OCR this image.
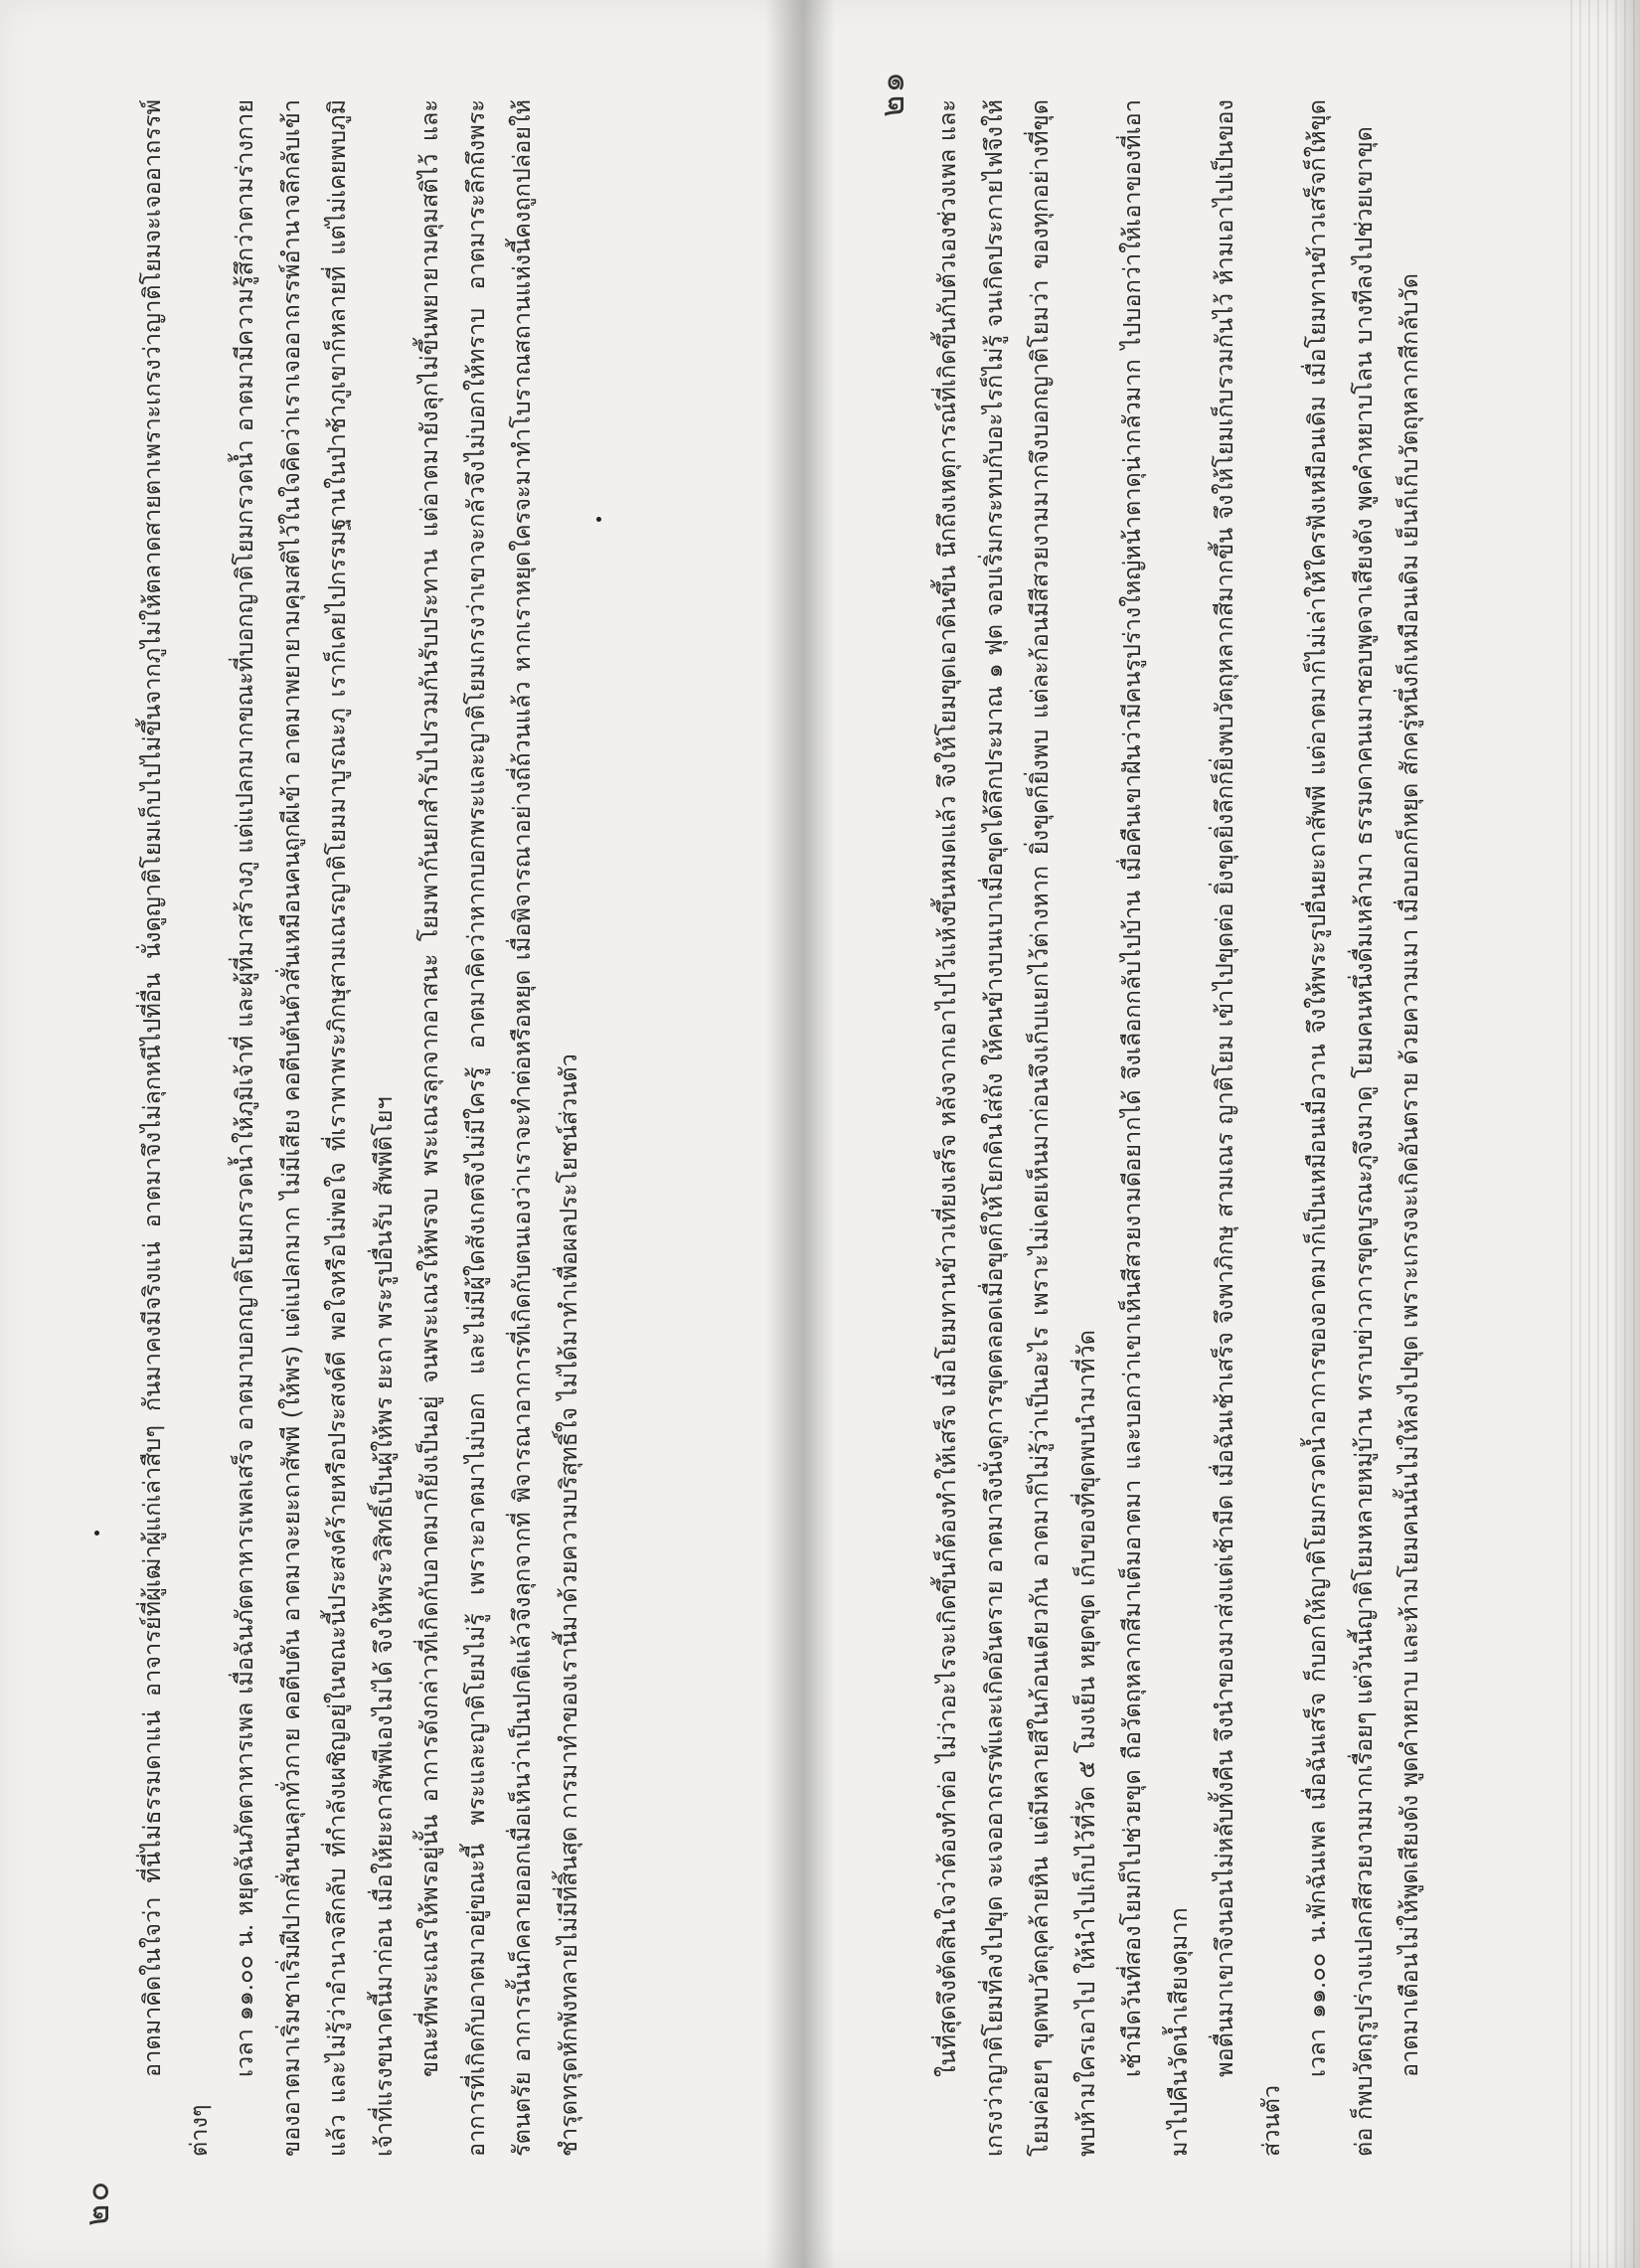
๒๐

อาตมาคิดในใจว่า ที่นี่ไม่ธรรมดาแน่ อาจารย์ที่ผู้เฒ่าผู้แก่เล่าสืบๆ กันมาคงมีจริงแน่ อาตมาจึงไม่ลุกหนีไปที่อื่น นั่งดูญาติโยมเก็บไปไม่ขึ้นจากภูไม่ให้ตลาดสายตาเพราะเกรงว่าญาติโยมจะเจออาถรรพ์ต่างๆ

เวลา ๑๑.๐๐ น. หยุดฉันภัตตาหารเพล เมื่อฉันภัตตาหารเพลเสร็จ อาตมาบอกญาติโยมกรวดน้ำให้ภูมิเจ้าที่ และผู้ที่มาสร้างภู แต่แปลกมากขณะที่บอกญาติโยมกรวดน้ำ อาตมามีความรู้สึกว่าตามร่างกายของอาตมาเริ่มชาเริ่มฝีปากสั่นขนลุกทั่วกาย คอตีบตัน อาตมาจะยะถาสัพพี (ให้พร) แต่แปลกมาก ไม่มีเสียง คอตีบตันตัวสั่นเหมือนคนถูกผีเข้า อาตมาพยายามคุมสติไว้ในใจคิดว่าเราเจออาถรรพ์อำนาจลึกลับเข้าแล้ว และไม่รู้ว่าอำนาจลึกลับ ที่กำลังเผชิญอยู่ในขณะนี้ประสงค์ร้ายหรือประสงค์ดี พอใจหรือไม่พอใจ ที่เราพาพระภิกษุสามเณรญาติโยมมาบูรณะภู เราก็เคยไปกรรมฐานในป่าช้าภูเขาก็หลายที่ แต่ไม่เคยพบภูมิเจ้าที่แรงขนาดนี้มาก่อน เมื่อให้ยะถาสัพพีเองไม่ได้ จึงให้พระวิสิทธิ์เป็นผู้ให้พร ยะถา พระรูปอื่นรับ สัพพีติโยฯ ขณะที่พระเณรให้พรอยู่นั้น อาการดังกล่าวที่เกิดกับอาตมาก็ยังเป็นอยู่ จนพระเณรให้พรจบ พระเณรลุกจากอาสนะ โยมพากันยกสำรับไปรวมกันรับประทาน แต่อาตมายังลุกไม่ขึ้นพยายามคุมสติไว้ และอาการที่เกิดกับอาตมาอยู่ขณะนี้ พระและญาติโยมไม่รู้ เพราะอาตมาไม่บอก และไม่มีผู้ใดสังเกตจึงไม่มีใครรู้ อาตมาคิดว่าหากบอกพระและญาติโยมเกรงว่าเขาจะกลัวจึงไม่บอกให้ทราบ อาตมาระลึกถึงพระรัตนตรัย อาการนั้นก็คลายออกเมื่อเห็นว่าเป็นปกติแล้วจึงลุกจากที่ พิจารณาอาการที่เกิดกับตนเองว่าเราจะทำต่อหรือหยุด เมื่อพิจารณาอย่างถี่ถ้วนแล้ว หากเราหยุดใครจะมาทำโบราณสถานแห่งนี้คงถูกปล่อยให้ชำรุดทรุดหักพังทลายไม่มีที่สิ้นสุด การมาทำของเรานี้มาด้วยความบริสุทธิ์ใจ ไม่ได้มาทำเพื่อผลประโยชน์ส่วนตัว

๒๑

ในที่สุดจึงตัดสินใจว่าต้องทำต่อ ไม่ว่าอะไรจะเกิดขึ้นก็ต้องทำให้เสร็จ เมื่อโยมทานข้าวเที่ยงเสร็จ หลังจากเอาไปไว้แห้งขึ้นหมดแล้ว จึงให้โยมขุดเอาดินขึ้น นึกถึงเหตุการณ์ที่เกิดขึ้นกับตัวเองช่วงเพล และเกรงว่าญาติโยมที่ลงไปขุด จะเจออาถรรพ์และเกิดอันตราย อาตมาจึงนั่งดูการขุดตลอดเมื่อขุดก็ให้โยกดินใส่ถัง ให้คนข้างบนเบาเมื่อขุดได้ลึกประมาณ ๑ ฟุต จอบเริ่มกระทบกับอะไรก็ไม่รู้ จนเกิดประกายไฟจึงให้โยมค่อยๆ ขุดพบวัตถุคล้ายหิน แต่มีหลายสีในก้อนเดียวกัน อาตมาก็ไม่รู้ว่าเป็นอะไร เพราะไม่เคยเห็นมาก่อนจึงเก็บแยกไว้ต่างหาก ยิ่งขุดก็ยิ่งพบ แต่ละก้อนมีสีสวยงามมากจึงบอกญาติโยมว่า ของทุกอย่างที่ขุดพบห้ามใครเอาไป ให้นำไปเก็บไว้ที่วัด ๕ โมงเย็น หยุดขุด เก็บของที่ขุดพบนำมาที่วัด เช้ามืดวันที่สองโยมก็ไปช่วยขุด ถือวัตถุหลากสีมาเต็มอาตมา และบอกว่าเขาเห็นสีสวยงามดีอยากได้ จึงเลือกกลับไปบ้าน เมื่อคืนเขาฝันว่ามีคนรูปร่างใหญ่หน้าตาดุน่ากลัวมาก ไปบอกว่าให้เอาของที่เอามาไปคืนวัดน้ำเสียงดุมาก พอตื่นมาเขาจึงนอนไม่หลับทั้งคืน จึงนำของมาส่งแต่เช้ามืด เมื่อฉันเช้าเสร็จ จึงพาภิกษุ สามเณร ญาติโยม เข้าไปขุดต่อ ยิ่งขุดยิ่งลึกก็ยิ่งพบวัตถุหลากสีมากขึ้น จึงให้โยมเก็บรวมกันไว้ ห้ามเอาไปเป็นของส่วนตัว

เวลา ๑๑.๐๐ น.พักฉันเพล เมื่อฉันเสร็จ ก็บอกให้ญาติโยมกรวดน้ำอาการของอาตมาก็เป็นเหมือนเมื่อวาน จึงให้พระรูปอื่นยะถาสัพพี แต่อาตมาก็ไม่เล่าให้ใครฟังเหมือนเดิม เมื่อโยมทานข้าวเสร็จก็ให้ขุดต่อ ก็พบวัตถุรูปร่างแปลกสีสวยงามมากเรื่อยๆ แต่วันนี้ญาติโยมหลายหมู่บ้าน ทราบข่าวการขุดบูรณะภูจึงมาดู โยมคนหนึ่งดื่มเหล้ามา ธรรมดาคนเมาชอบพูดจาเสียงดัง พูดคำหยาบโลน บางทีลงไปช่วยเขาขุด อาตมาเตือนไม่ให้พูดเสียงดัง พูดคำหยาบ และห้ามโยมคนนั้นไม่ให้ลงไปขุด เพราะเกรงจะเกิดอันตราย ด้วยความเมา เมื่อบอกก็หยุด สักครู่หนึ่งก็เหมือนเดิม เย็นก็เก็บวัตถุหลากสีกลับวัด
